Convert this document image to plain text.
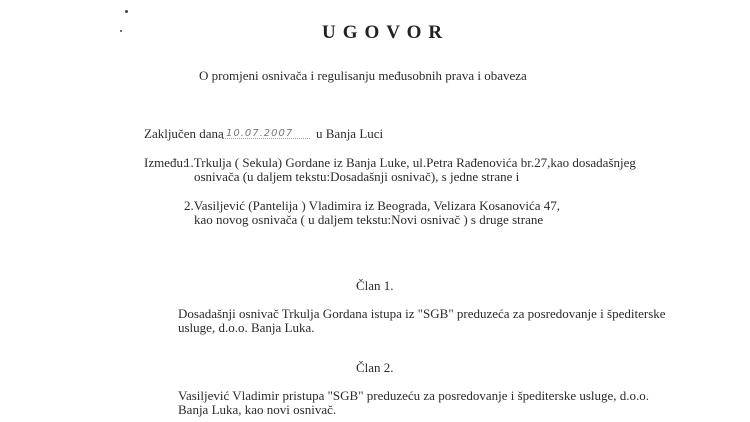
UGOVOR
O promjeni osnivača i regulisanju međusobnih prava i obaveza
Zaključen dana 10.07.2007 u Banja Luci
Između:
1.Trkulja ( Sekula) Gordane iz Banja Luke, ul.Petra Rađenovića br.27,kao dosadašnjeg
osnivača (u daljem tekstu:Dosadašnji osnivač), s jedne strane i
2.Vasiljević (Pantelija ) Vladimira iz Beograda, Velizara Kosanovića 47,
kao novog osnivača ( u daljem tekstu:Novi osnivač ) s druge strane
Član 1.
Dosadašnji osnivač Trkulja Gordana istupa iz "SGB" preduzeća za posredovanje i špediterske
usluge, d.o.o. Banja Luka.
Član 2.
Vasiljević Vladimir pristupa "SGB" preduzeću za posredovanje i špediterske usluge, d.o.o.
Banja Luka, kao novi osnivač.
